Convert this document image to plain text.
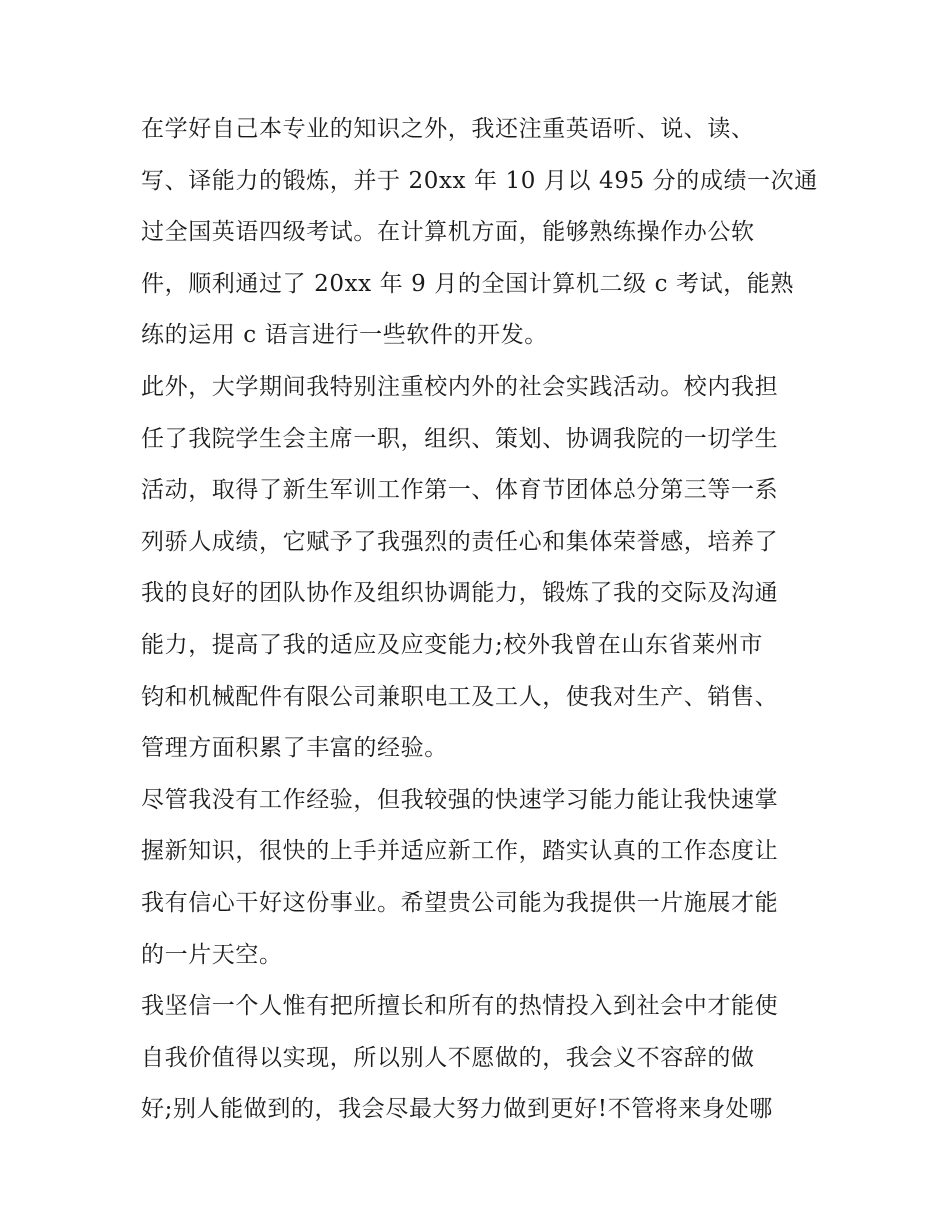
在学好自己本专业的知识之外，我还注重英语听、说、读、
写、译能力的锻炼，并于 20xx 年 10 月以 495 分的成绩一次通
过全国英语四级考试。在计算机方面，能够熟练操作办公软
件，顺利通过了 20xx 年 9 月的全国计算机二级 c 考试，能熟
练的运用 c 语言进行一些软件的开发。
此外，大学期间我特别注重校内外的社会实践活动。校内我担
任了我院学生会主席一职，组织、策划、协调我院的一切学生
活动，取得了新生军训工作第一、体育节团体总分第三等一系
列骄人成绩，它赋予了我强烈的责任心和集体荣誉感，培养了
我的良好的团队协作及组织协调能力，锻炼了我的交际及沟通
能力，提高了我的适应及应变能力;校外我曾在山东省莱州市
钧和机械配件有限公司兼职电工及工人，使我对生产、销售、
管理方面积累了丰富的经验。
尽管我没有工作经验，但我较强的快速学习能力能让我快速掌
握新知识，很快的上手并适应新工作，踏实认真的工作态度让
我有信心干好这份事业。希望贵公司能为我提供一片施展才能
的一片天空。
我坚信一个人惟有把所擅长和所有的热情投入到社会中才能使
自我价值得以实现，所以别人不愿做的，我会义不容辞的做
好;别人能做到的，我会尽最大努力做到更好!不管将来身处哪
